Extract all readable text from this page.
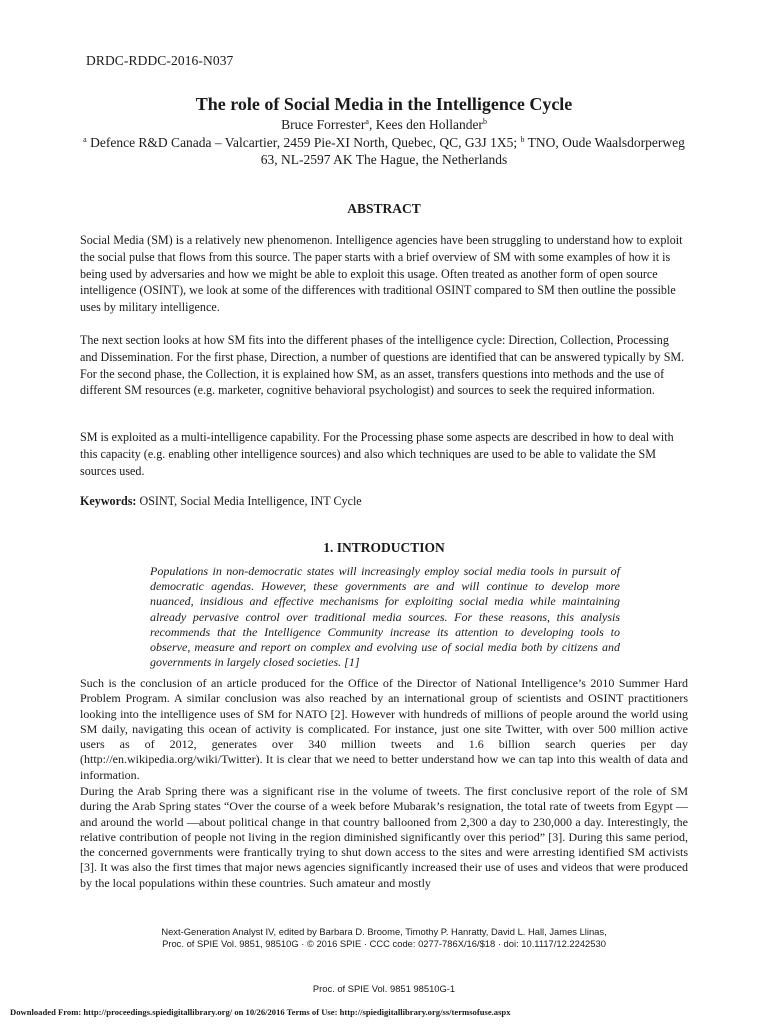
DRDC-RDDC-2016-N037
The role of Social Media in the Intelligence Cycle
Bruce Forrester$^a$, Kees den Hollander$^b$
$^a$ Defence R&D Canada – Valcartier, 2459 Pie-XI North, Quebec, QC, G3J 1X5; $^b$ TNO, Oude Waalsdorperweg 63, NL-2597 AK The Hague, the Netherlands
ABSTRACT

Social Media (SM) is a relatively new phenomenon. Intelligence agencies have been struggling to understand how to exploit the social pulse that flows from this source. The paper starts with a brief overview of SM with some examples of how it is being used by adversaries and how we might be able to exploit this usage. Often treated as another form of open source intelligence (OSINT), we look at some of the differences with traditional OSINT compared to SM then outline the possible uses by military intelligence.

The next section looks at how SM fits into the different phases of the intelligence cycle: Direction, Collection, Processing and Dissemination. For the first phase, Direction, a number of questions are identified that can be answered typically by SM. For the second phase, the Collection, it is explained how SM, as an asset, transfers questions into methods and the use of different SM resources (e.g. marketer, cognitive behavioral psychologist) and sources to seek the required information.

SM is exploited as a multi-intelligence capability. For the Processing phase some aspects are described in how to deal with this capacity (e.g. enabling other intelligence sources) and also which techniques are used to be able to validate the SM sources used.

Keywords: OSINT, Social Media Intelligence, INT Cycle

1. INTRODUCTION

Populations in non-democratic states will increasingly employ social media tools in pursuit of democratic agendas. However, these governments are and will continue to develop more nuanced, insidious and effective mechanisms for exploiting social media while maintaining already pervasive control over traditional media sources. For these reasons, this analysis recommends that the Intelligence Community increase its attention to developing tools to observe, measure and report on complex and evolving use of social media both by citizens and governments in largely closed societies. [1]

Such is the conclusion of an article produced for the Office of the Director of National Intelligence’s 2010 Summer Hard Problem Program. A similar conclusion was also reached by an international group of scientists and OSINT practitioners looking into the intelligence uses of SM for NATO [2]. However with hundreds of millions of people around the world using SM daily, navigating this ocean of activity is complicated. For instance, just one site Twitter, with over 500 million active users as of 2012, generates over 340 million tweets and 1.6 billion search queries per day (http://en.wikipedia.org/wiki/Twitter). It is clear that we need to better understand how we can tap into this wealth of data and information.

During the Arab Spring there was a significant rise in the volume of tweets. The first conclusive report of the role of SM during the Arab Spring states “Over the course of a week before Mubarak’s resignation, the total rate of tweets from Egypt —and around the world —about political change in that country ballooned from 2,300 a day to 230,000 a day. Interestingly, the relative contribution of people not living in the region diminished significantly over this period” [3]. During this same period, the concerned governments were frantically trying to shut down access to the sites and were arresting identified SM activists [3]. It was also the first times that major news agencies significantly increased their use of uses and videos that were produced by the local populations within these countries. Such amateur and mostly

Next-Generation Analyst IV, edited by Barbara D. Broome, Timothy P. Hanratty, David L. Hall, James Llinas,
Proc. of SPIE Vol. 9851, 98510G · © 2016 SPIE · CCC code: 0277-786X/16/$18 · doi: 10.1117/12.2242530
Proc. of SPIE Vol. 9851 98510G-1
Downloaded From: http://proceedings.spiedigitallibrary.org/ on 10/26/2016 Terms of Use: http://spiedigitallibrary.org/ss/termsofuse.aspx
